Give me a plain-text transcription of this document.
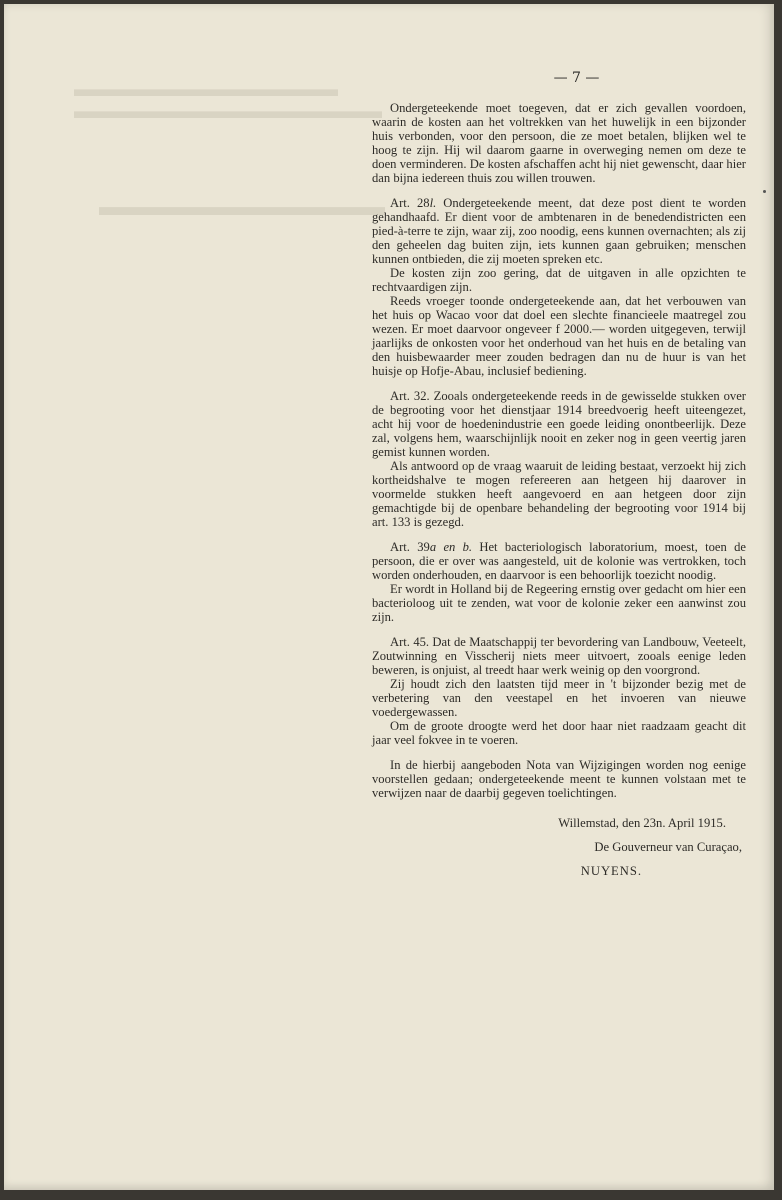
▬▬▬▬▬▬▬▬▬▬▬▬
▬▬▬▬▬▬▬▬▬▬▬▬▬▬
▬▬▬▬▬▬▬▬▬▬▬
— 7 —

Ondergeteekende moet toegeven, dat er zich gevallen voordoen, waarin de kosten aan het voltrekken van het huwelijk in een bijzonder huis verbonden, voor den persoon, die ze moet betalen, blijken wel te hoog te zijn. Hij wil daarom gaarne in overweging nemen om deze te doen verminderen. De kosten afschaffen acht hij niet gewenscht, daar hier dan bijna iedereen thuis zou willen trouwen.

Art. 28l. Ondergeteekende meent, dat deze post dient te worden gehandhaafd. Er dient voor de ambtenaren in de benedendistricten een pied-à-terre te zijn, waar zij, zoo noodig, eens kunnen overnachten; als zij den geheelen dag buiten zijn, iets kunnen gaan gebruiken; menschen kunnen ontbieden, die zij moeten spreken etc.

De kosten zijn zoo gering, dat de uitgaven in alle opzichten te rechtvaardigen zijn.

Reeds vroeger toonde ondergeteekende aan, dat het verbouwen van het huis op Wacao voor dat doel een slechte financieele maatregel zou wezen. Er moet daarvoor ongeveer f 2000.— worden uitgegeven, terwijl jaarlijks de onkosten voor het onderhoud van het huis en de betaling van den huisbewaarder meer zouden bedragen dan nu de huur is van het huisje op Hofje-Abau, inclusief bediening.

Art. 32. Zooals ondergeteekende reeds in de gewisselde stukken over de begrooting voor het dienstjaar 1914 breedvoerig heeft uiteengezet, acht hij voor de hoedenindustrie een goede leiding onontbeerlijk. Deze zal, volgens hem, waarschijnlijk nooit en zeker nog in geen veertig jaren gemist kunnen worden.

Als antwoord op de vraag waaruit de leiding bestaat, verzoekt hij zich kortheidshalve te mogen refereeren aan hetgeen hij daarover in voormelde stukken heeft aangevoerd en aan hetgeen door zijn gemachtigde bij de openbare behandeling der begrooting voor 1914 bij art. 133 is gezegd.

Art. 39a en b. Het bacteriologisch laboratorium, moest, toen de persoon, die er over was aangesteld, uit de kolonie was vertrokken, toch worden onderhouden, en daarvoor is een behoorlijk toezicht noodig.

Er wordt in Holland bij de Regeering ernstig over gedacht om hier een bacterioloog uit te zenden, wat voor de kolonie zeker een aanwinst zou zijn.

Art. 45. Dat de Maatschappij ter bevordering van Landbouw, Veeteelt, Zoutwinning en Visscherij niets meer uitvoert, zooals eenige leden beweren, is onjuist, al treedt haar werk weinig op den voorgrond.

Zij houdt zich den laatsten tijd meer in 't bijzonder bezig met de verbetering van den veestapel en het invoeren van nieuwe voedergewassen.

Om de groote droogte werd het door haar niet raadzaam geacht dit jaar veel fokvee in te voeren.

In de hierbij aangeboden Nota van Wijzigingen worden nog eenige voorstellen gedaan; ondergeteekende meent te kunnen volstaan met te verwijzen naar de daarbij gegeven toelichtingen.

Willemstad, den 23n. April 1915.

De Gouverneur van Curaçao,

NUYENS.
